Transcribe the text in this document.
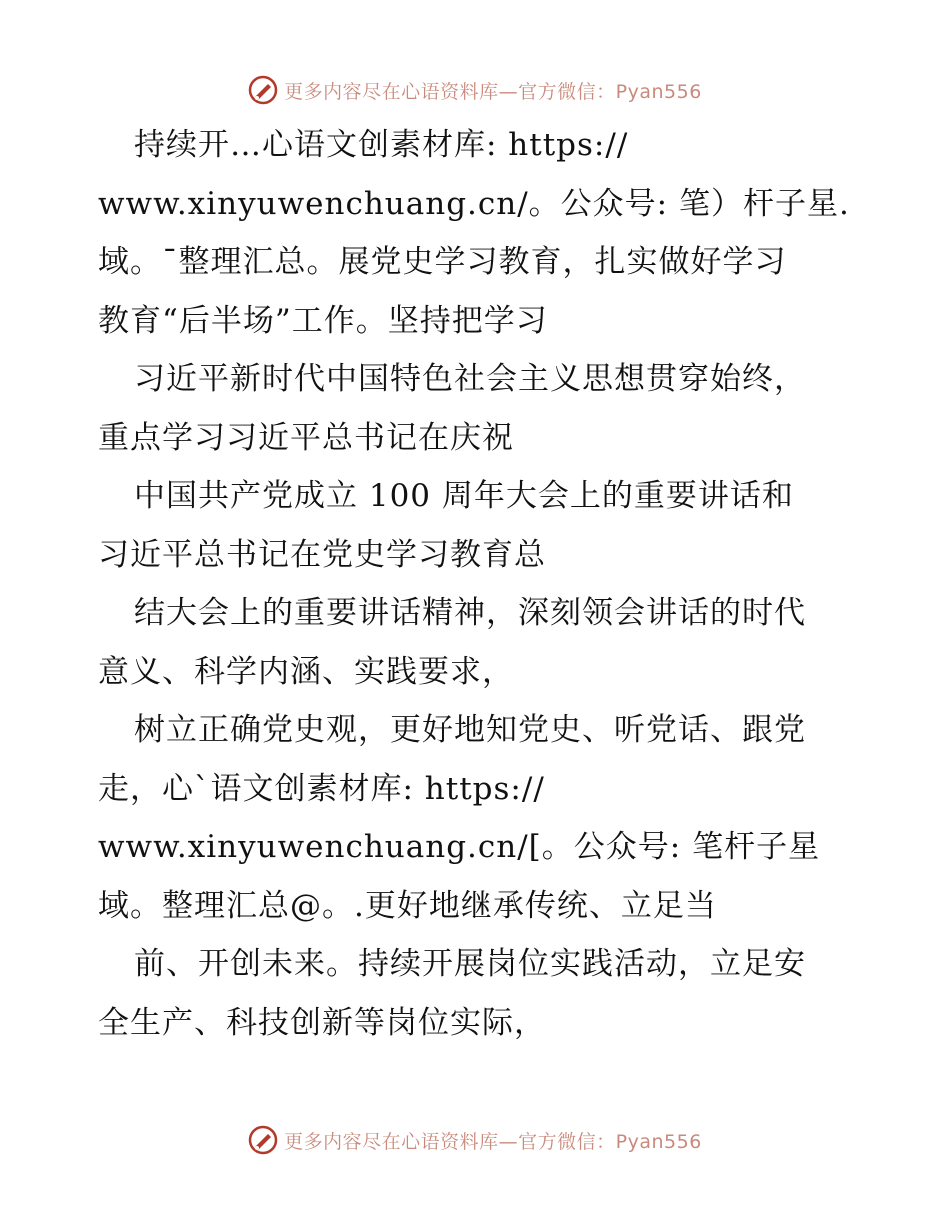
更多内容尽在心语资料库—官方微信：Pyan556
持续开…心语文创素材库: https://
www.xinyuwenchuang.cn/。公众号: 笔）杆子星.
域。¯整理汇总。展党史学习教育，扎实做好学习
教育“后半场”工作。坚持把学习
习近平新时代中国特色社会主义思想贯穿始终，
重点学习习近平总书记在庆祝
中国共产党成立 100 周年大会上的重要讲话和
习近平总书记在党史学习教育总
结大会上的重要讲话精神，深刻领会讲话的时代
意义、科学内涵、实践要求，
树立正确党史观，更好地知党史、听党话、跟党
走，心`语文创素材库: https://
www.xinyuwenchuang.cn/[。公众号: 笔杆子星
域。整理汇总@。.更好地继承传统、立足当
前、开创未来。持续开展岗位实践活动，立足安
全生产、科技创新等岗位实际，
更多内容尽在心语资料库—官方微信：Pyan556
